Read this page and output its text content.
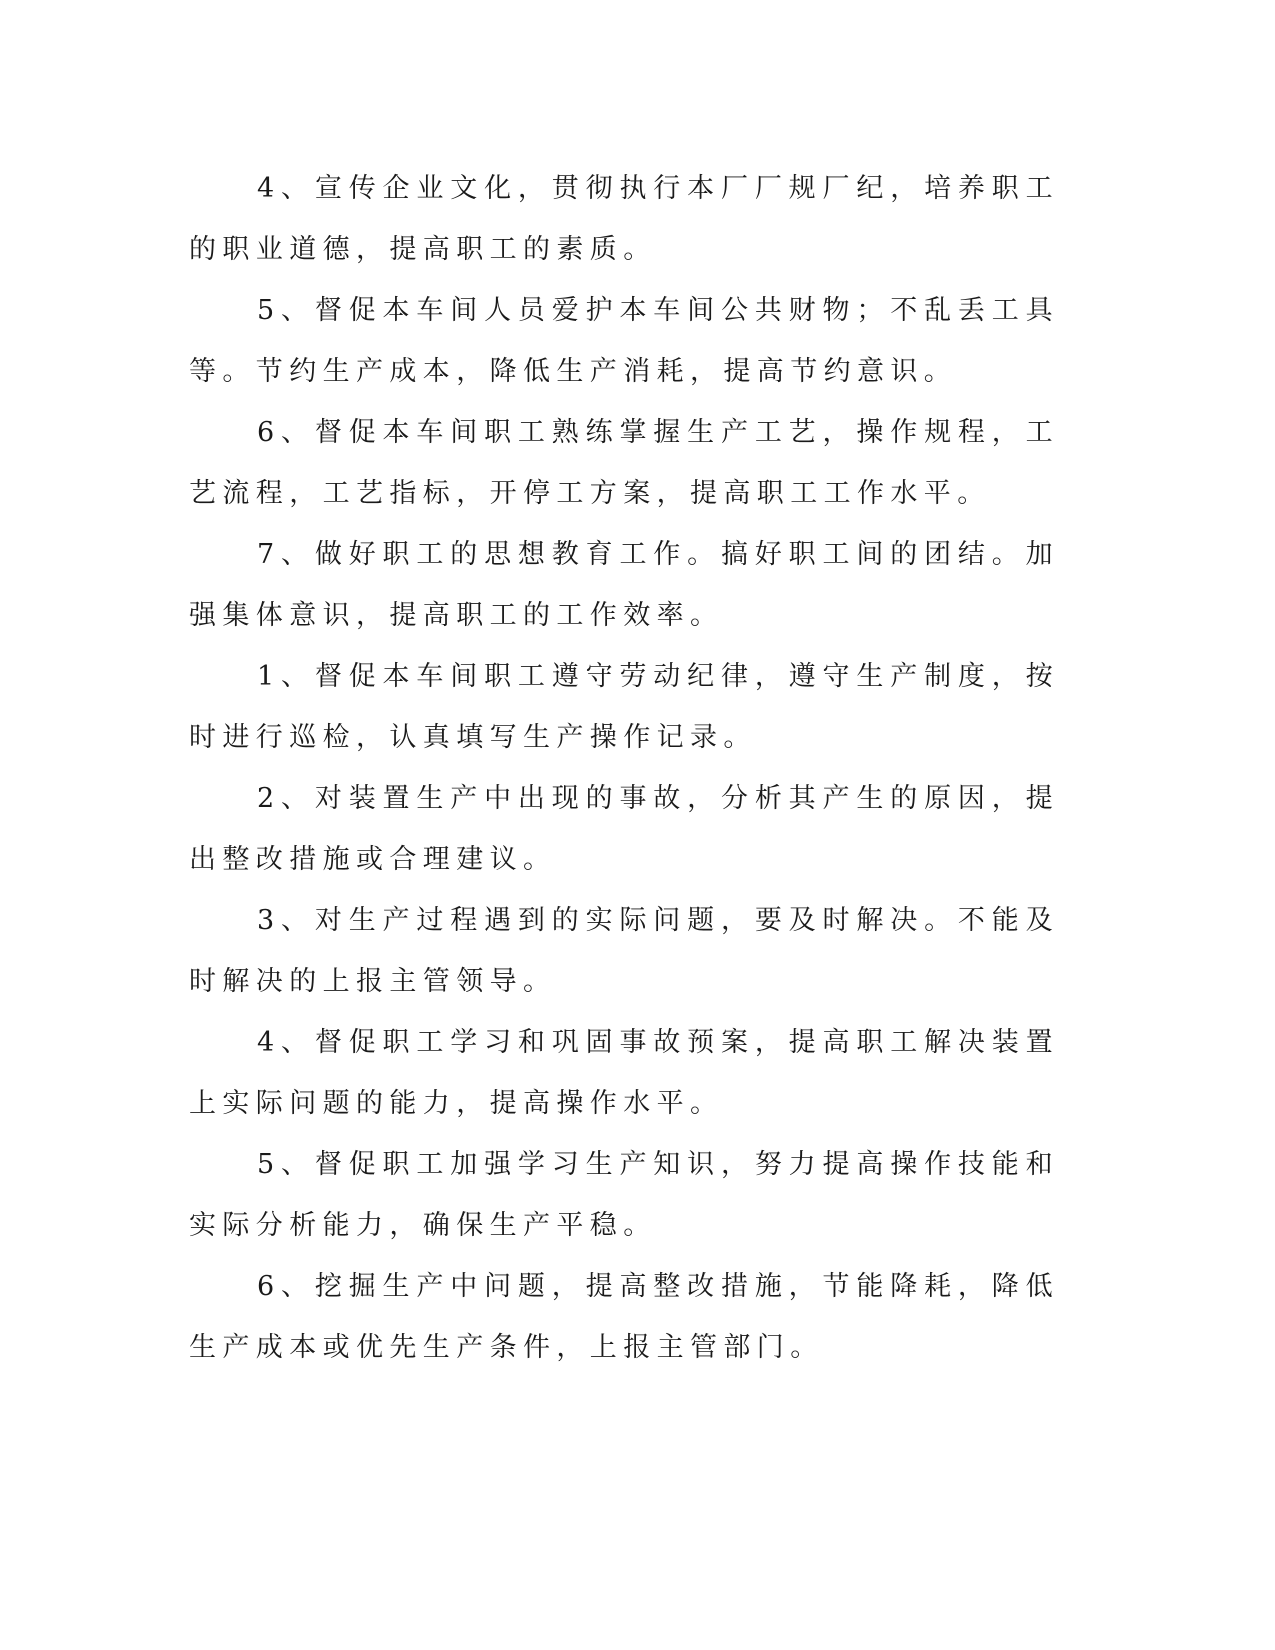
4、宣传企业文化，贯彻执行本厂厂规厂纪，培养职工的职业道德，提高职工的素质。

5、督促本车间人员爱护本车间公共财物；不乱丢工具等。节约生产成本，降低生产消耗，提高节约意识。

6、督促本车间职工熟练掌握生产工艺，操作规程，工艺流程，工艺指标，开停工方案，提高职工工作水平。

7、做好职工的思想教育工作。搞好职工间的团结。加强集体意识，提高职工的工作效率。

1、督促本车间职工遵守劳动纪律，遵守生产制度，按时进行巡检，认真填写生产操作记录。

2、对装置生产中出现的事故，分析其产生的原因，提出整改措施或合理建议。

3、对生产过程遇到的实际问题，要及时解决。不能及时解决的上报主管领导。

4、督促职工学习和巩固事故预案，提高职工解决装置上实际问题的能力，提高操作水平。

5、督促职工加强学习生产知识，努力提高操作技能和实际分析能力，确保生产平稳。

6、挖掘生产中问题，提高整改措施，节能降耗，降低生产成本或优先生产条件，上报主管部门。
